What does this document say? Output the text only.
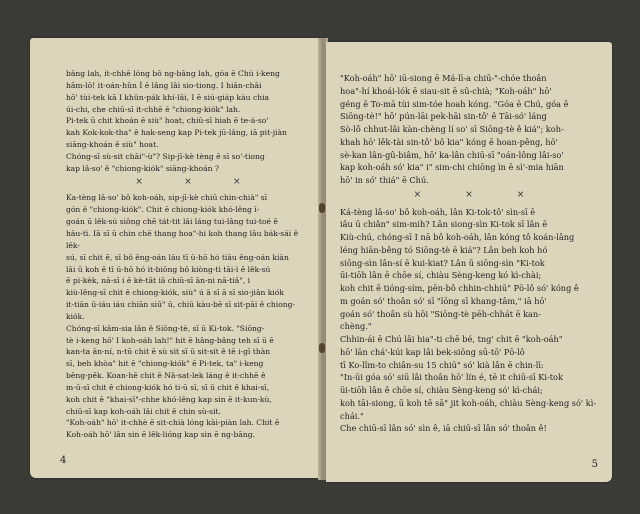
bâng lah, it-chhē lóng bô ng-bâng lah, góa ē Chú i-keng
hâm-lō! it-oán-hûn Ì ē lâng lâi sio-tiong. I hiân-chāi
hō' tùi-tek kā I khûn-pák khí-lâi, I ē siú-giáp kàu chia
úi-chi, che chiū-sī it-chhē ē "chiong-kiók" lah.

Pi-tek ū chit khoán ē siù" hoat, chiū-sī hiah ē te-á-so'
kah Kok-kok-tha" ê hak-seng kap Pi-tek jū-lâng, iā pit-jiàn
siāng-khoán ē siù" hoat.

Chóng-sī sù-sit chāi"-ù"? Sip-jī-kè tèng ē sī so'-tiong
kap lâ-so' ê "chiong-kiók" siāng-khoán ?

×	×	×

Ka-tèng lâ-so' bô koh-oáh, sip-jī-kè chiū chin-chià" sī
gón ê "chiong-kiók". Chit ē chiong-kiók khó-lêng ī-
goán ū lêk-sú siông chē tát-tit lâi láng tui-lâng tui-toé ê
hāu-tì. Iā sī ū chin chē thang hoa"-hi koh thang lâu bák-sái ê lêk-
sú, sī chit ē, sī bô êng-oán lāu tī ū-hō hó tiāu êng-oán kiàn
lāi ū koh ē tī ū-hō hó it-biōng bô kiòng-tì tāi-ì ê lêk-sú
ē pi-kèk, nā-sī i ē kè-tāt iā chiū-sī ān-ni nā-tiâ", i
kiù-lêng-sī chit ê chiong-kiók, siù" ú ā sī ā sī sio-jiân kiók
it-tiān ū-iáu iáu chiān siū" ū, chiū kàu-bē sī sit-pāi ê chiong-kiók.

Chóng-sī kâm-sia lân ê Siōng-tè, sī ū Ki-tok. "Siōng-
tè i-keng hō' I koh-oáh lah!" hit ē hâng-bâng teh sī ū ē
kan-ta ān-ní, n-tū chit ē sù sit sī ū sit-sit ê tē i-gī thàn
sī, beh khòa" hit ē "chiong-kiók" ē Pi-tek, ta" i-keng
bêng-pêk. Koan-hē chit ē Nâ-sat-lek láng ê it-chhē ê
m-ū-sī chit ê chiong-kiók hó ti-ū sī, sī ū chit ê khai-sī,
koh chit ē "khai-sī"-chhe khó-lêng kap sin ē it-kun-kù,
chiū-sī kap koh-oáh lâi chit ē chin sù-sit.

"Koh-oáh" hō' it-chhè ē sit-chià lóng kài-piàn lah. Chit ē
Koh-oáh hō' lân sin ē lêk-lióng kap sin ē ng-bāng.

4

"Koh-oáh" hō' iū-siong ē Má-lī-a chiū-"-chóe thoân
hoa"-hí khoái-lók ē siau-sit ē sû-chià; "Koh-oáh" hō'
géng ē To-mā tùi sim-tóe hoah kóng. "Góa ē Chú, góa ē
Siōng-tè!" hō' pún-lāi pek-hāi sin-tô' ê Tāi-só' láng
Sò-lô chhut-lâi kàn-chèng lí so' sī Siōng-tè ê kiá"; koh-
khah hō' lêk-tài sin-tô' bô kia" kóng ē hoan-pêng, hō'
sè-kan lân-gû-biâm, hō' ka-lân chiū-sī "oán-lông lâi-so'
kap koh-oáh só' kia" i" sim-chi chiōng ìn ē sì'-mia hiān
hō' in só' thiá" ē Chú.

×	×	×

Ká-tèng lâ-so' bô koh-oáh, lân Ki-tok-tô' sìn-sī ē
iâu ū chiân" sim-mih? Lân siong-sìn Ki-tok sī lân ē
Kiù-chú, chóng-sī I nā bô koh-oáh, lân kóng tô koán-lâng
léng hiān-bêng tó Siōng-tè ē kiá"? Lân beh koh hó
siōng-sìn lân-sí ē kui-kiat? Lân ū siōng-sìn "Ki-tok
ūi-tiōh lân ē chōe sí, chiàu Sèng-keng kó kì-chài;
koh chit ē tióng-sím, pēn-bô chhin-chhiū" Pō-lô só' kóng ê
m goán só' thoân só' sī "lōng sī khang-tâm," iā hō'
goán só' thoân sù hōi "Siōng-tè pēh-chhát ē kan-
chèng."

Chhin-ái ē Chú lâi hia"-ti chē bé, tng' chit ē "koh-oáh"
hō' lān chá'-kúi kap lâi bek-siōng sū-tō' Pō-lô
tī Ko-lîm-to chiân-su 15 chiū" só' kià lân ē chin-lī:
"In-ūi góa só' siū lâi thoân hō' lín é, tē it chiū-sī Ki-tok
ūi-tiōh lân ê chōe sí, chiàu Sèng-keng só' kì-chái;
koh tāi-siong, ū koh tē sā" jit koh-oáh, chiàu Sèng-keng só' kì-
chái."

Che chiū-sī lân só' sìn ê, iā chiū-sī lân só' thoân ê!

5
